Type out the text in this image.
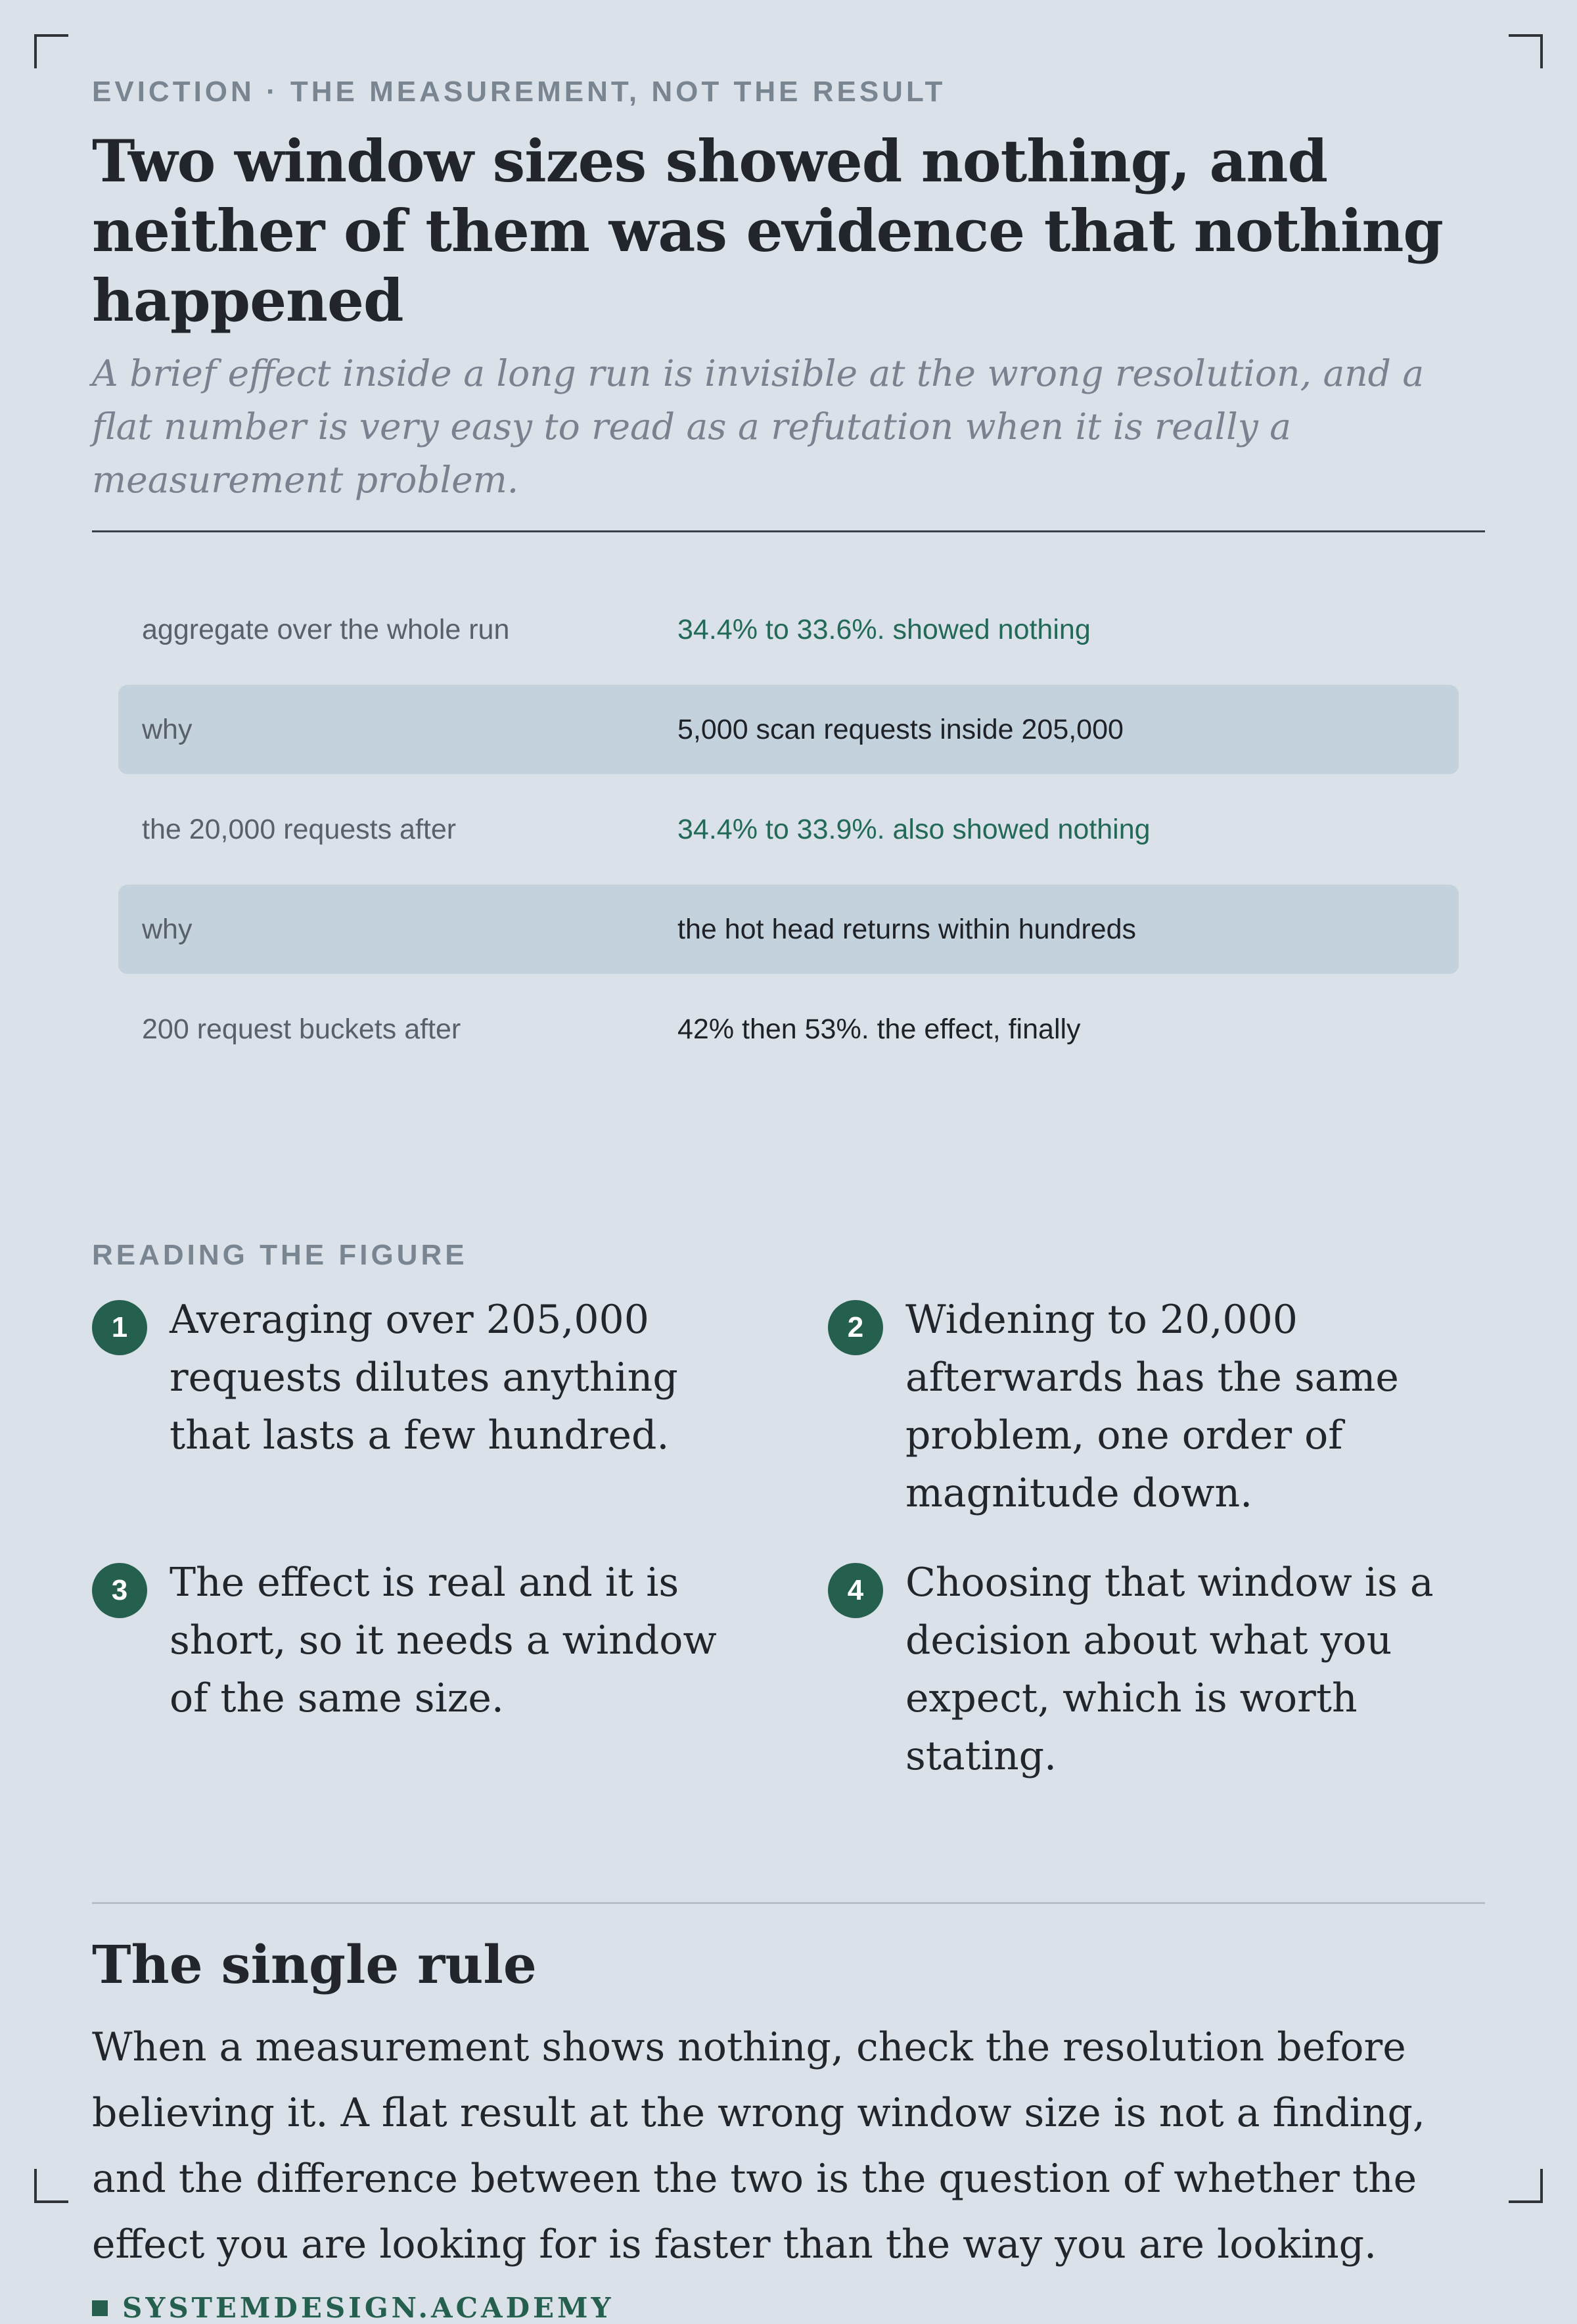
EVICTION · THE MEASUREMENT, NOT THE RESULT

Two window sizes showed nothing, and neither of them was evidence that nothing happened

A brief effect inside a long run is invisible at the wrong resolution, and a flat number is very easy to read as a refutation when it is really a measurement problem.

aggregate over the whole run	34.4% to 33.6%. showed nothing
why	5,000 scan requests inside 205,000
the 20,000 requests after	34.4% to 33.9%. also showed nothing
why	the hot head returns within hundreds
200 request buckets after	42% then 53%. the effect, finally

READING THE FIGURE

1	Averaging over 205,000 requests dilutes anything that lasts a few hundred.
2	Widening to 20,000 afterwards has the same problem, one order of magnitude down.
3	The effect is real and it is short, so it needs a window of the same size.
4	Choosing that window is a decision about what you expect, which is worth stating.
The single rule

When a measurement shows nothing, check the resolution before believing it. A flat result at the wrong window size is not a finding, and the difference between the two is the question of whether the effect you are looking for is faster than the way you are looking.

SYSTEMDESIGN.ACADEMY
